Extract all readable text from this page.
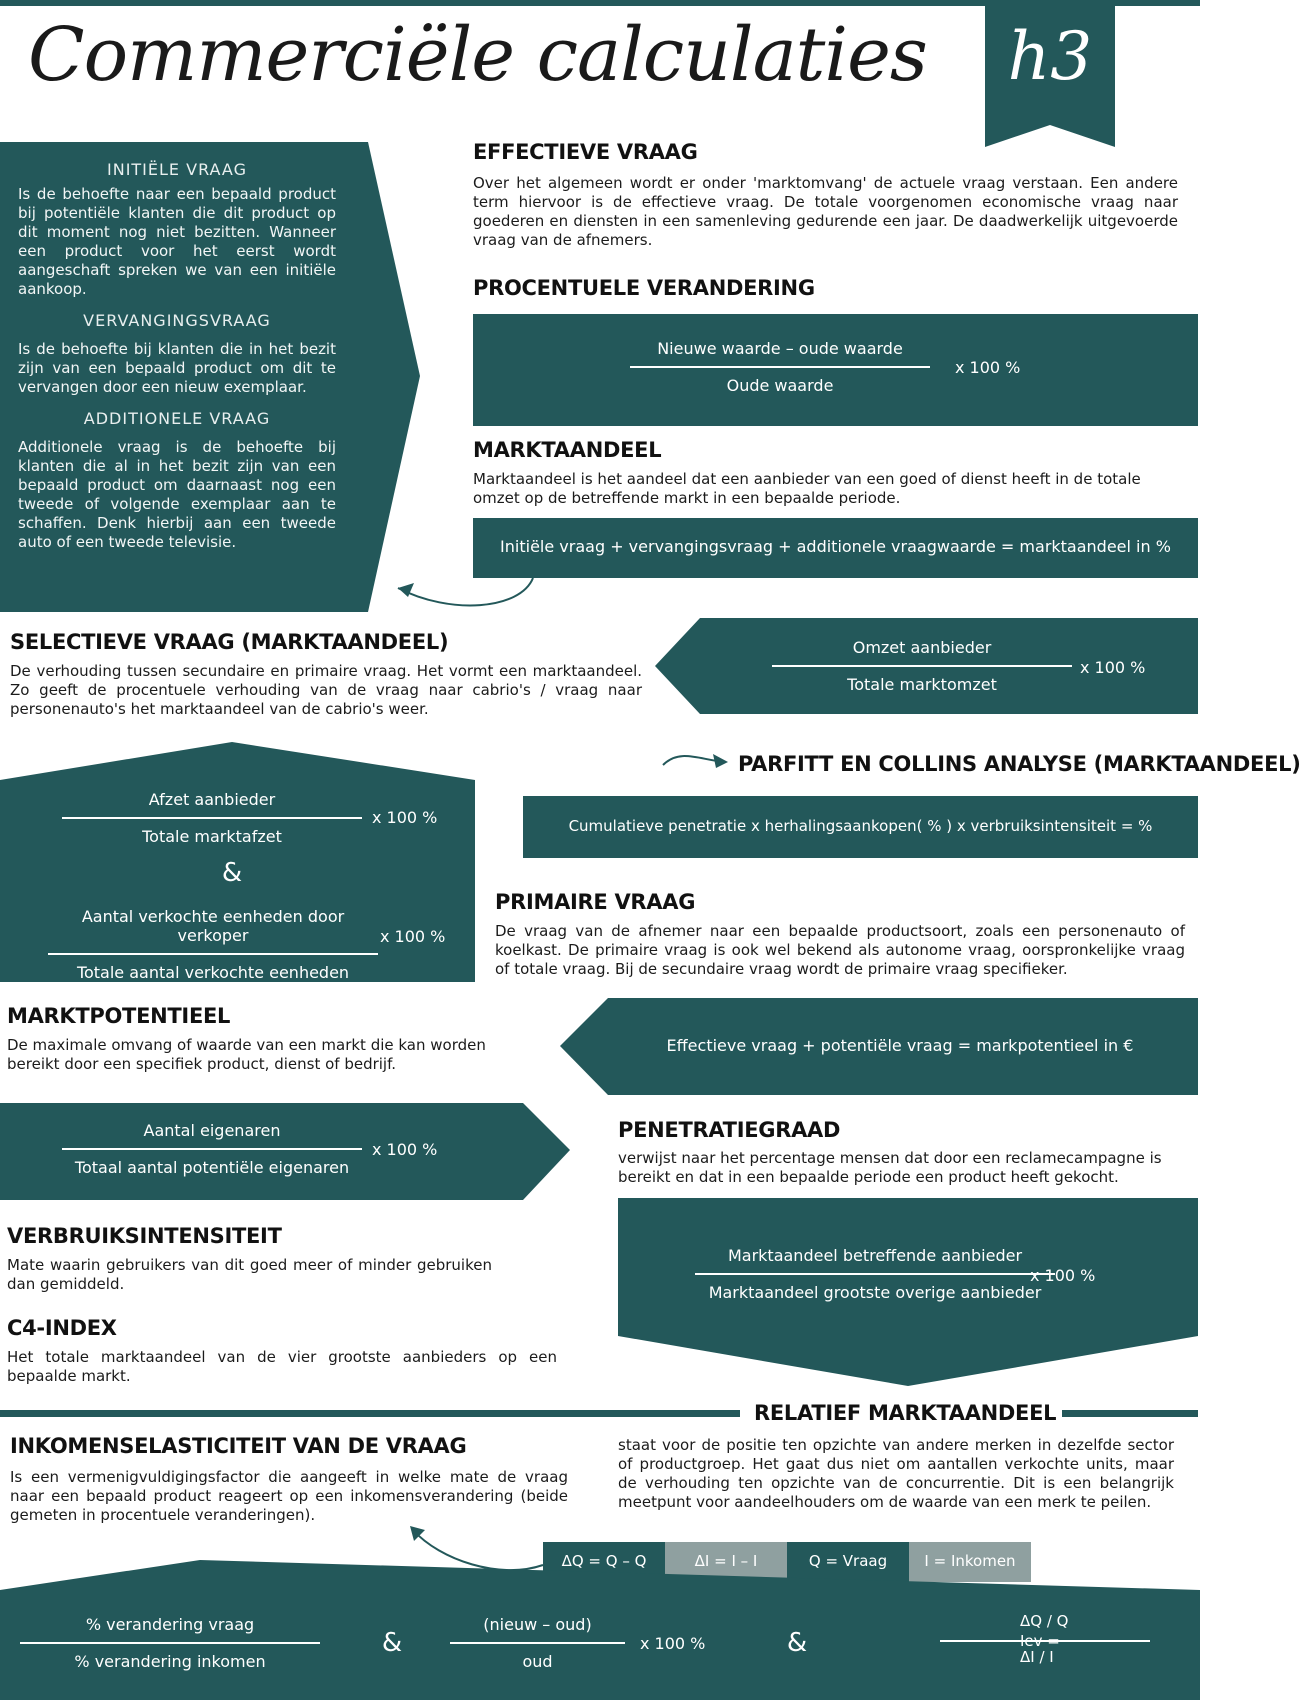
Commerciële calculaties	h3
INITIËLE VRAAG

Is de behoefte naar een bepaald product bij potentiële klanten die dit product op dit moment nog niet bezitten. Wanneer een product voor het eerst wordt aangeschaft spreken we van een initiële aankoop.

VERVANGINGSVRAAG

Is de behoefte bij klanten die in het bezit zijn van een bepaald product om dit te vervangen door een nieuw exemplaar.

ADDITIONELE VRAAG

Additionele vraag is de behoefte bij klanten die al in het bezit zijn van een bepaald product om daarnaast nog een tweede of volgende exemplaar aan te schaffen. Denk hierbij aan een tweede auto of een tweede televisie.

EFFECTIEVE VRAAG

Over het algemeen wordt er onder 'marktomvang' de actuele vraag verstaan. Een andere term hiervoor is de effectieve vraag. De totale voorgenomen economische vraag naar goederen en diensten in een samenleving gedurende een jaar. De daadwerkelijk uitgevoerde vraag van de afnemers.

PROCENTUELE VERANDERING
Nieuwe waarde – oude waarde
Oude waarde
x 100 %
MARKTAANDEEL

Marktaandeel is het aandeel dat een aanbieder van een goed of dienst heeft in de totale omzet op de betreffende markt in een bepaalde periode.

Initiële vraag + vervangingsvraag + additionele vraagwaarde = marktaandeel in %
SELECTIEVE VRAAG (MARKTAANDEEL)

De verhouding tussen secundaire en primaire vraag. Het vormt een marktaandeel. Zo geeft de procentuele verhouding van de vraag naar cabrio's / vraag naar personenauto's het marktaandeel van de cabrio's weer.

Omzet aanbieder
Totale marktomzet
x 100 %
Afzet aanbieder
Totale marktafzet
x 100 %
&
Aantal verkochte eenheden door verkoper
Totale aantal verkochte eenheden
x 100 %
PARFITT EN COLLINS ANALYSE (MARKTAANDEEL)
Cumulatieve penetratie x herhalingsaankopen( % ) x verbruiksintensiteit = %
PRIMAIRE VRAAG

De vraag van de afnemer naar een bepaalde productsoort, zoals een personenauto of koelkast. De primaire vraag is ook wel bekend als autonome vraag, oorspronkelijke vraag of totale vraag. Bij de secundaire vraag wordt de primaire vraag specifieker.

MARKTPOTENTIEEL

De maximale omvang of waarde van een markt die kan worden bereikt door een specifiek product, dienst of bedrijf.

Effectieve vraag + potentiële vraag = markpotentieel in €
Aantal eigenaren
Totaal aantal potentiële eigenaren
x 100 %
PENETRATIEGRAAD

verwijst naar het percentage mensen dat door een reclamecampagne is bereikt en dat in een bepaalde periode een product heeft gekocht.

VERBRUIKSINTENSITEIT

Mate waarin gebruikers van dit goed meer of minder gebruiken dan gemiddeld.

Marktaandeel betreffende aanbieder
Marktaandeel grootste overige aanbieder
x 100 %
C4-INDEX

Het totale marktaandeel van de vier grootste aanbieders op een bepaalde markt.

RELATIEF MARKTAANDEEL

staat voor de positie ten opzichte van andere merken in dezelfde sector of productgroep. Het gaat dus niet om aantallen verkochte units, maar de verhouding ten opzichte van de concurrentie. Dit is een belangrijk meetpunt voor aandeelhouders om de waarde van een merk te peilen.

INKOMENSELASTICITEIT VAN DE VRAAG

Is een vermenigvuldigingsfactor die aangeeft in welke mate de vraag naar een bepaald product reageert op een inkomensverandering (beide gemeten in procentuele veranderingen).

ΔQ = Q – Q	ΔI = I – I	Q = Vraag	I = Inkomen
% verandering vraag
% verandering inkomen
&
(nieuw – oud)
oud
x 100 %	&
ΔQ / Q
Iev =
ΔI / I
